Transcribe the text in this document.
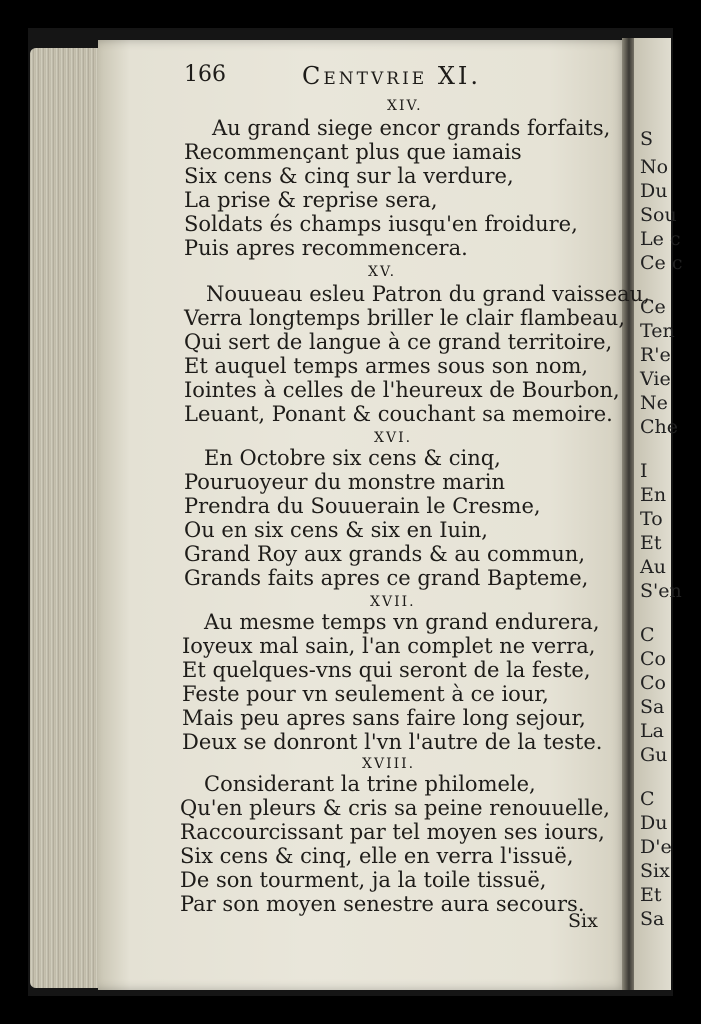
S
No
Du
Sou
Le c
Ce c
Ce
Ten
R'e
Vie
Ne
Che
I
En
To
Et
Au
S'en
C
Co
Co
Sa
La
Gu
C
Du
D'e
Six
Et
Sa
166	Centvrie XI.
XIV.
Au grand siege encor grands forfaits,
Recommençant plus que iamais
Six cens & cinq sur la verdure,
La prise & reprise sera,
Soldats és champs iusqu'en froidure,
Puis apres recommencera.
XV.
Nouueau esleu Patron du grand vaisseau,
Verra longtemps briller le clair flambeau,
Qui sert de langue à ce grand territoire,
Et auquel temps armes sous son nom,
Iointes à celles de l'heureux de Bourbon,
Leuant, Ponant & couchant sa memoire.
XVI.
En Octobre six cens & cinq,
Pouruoyeur du monstre marin
Prendra du Souuerain le Cresme,
Ou en six cens & six en Iuin,
Grand Roy aux grands & au commun,
Grands faits apres ce grand Bapteme,
XVII.
Au mesme temps vn grand endurera,
Ioyeux mal sain, l'an complet ne verra,
Et quelques-vns qui seront de la feste,
Feste pour vn seulement à ce iour,
Mais peu apres sans faire long sejour,
Deux se donront l'vn l'autre de la teste.
XVIII.
Considerant la trine philomele,
Qu'en pleurs & cris sa peine renouuelle,
Raccourcissant par tel moyen ses iours,
Six cens & cinq, elle en verra l'issuë,
De son tourment, ja la toile tissuë,
Par son moyen senestre aura secours.
Six
